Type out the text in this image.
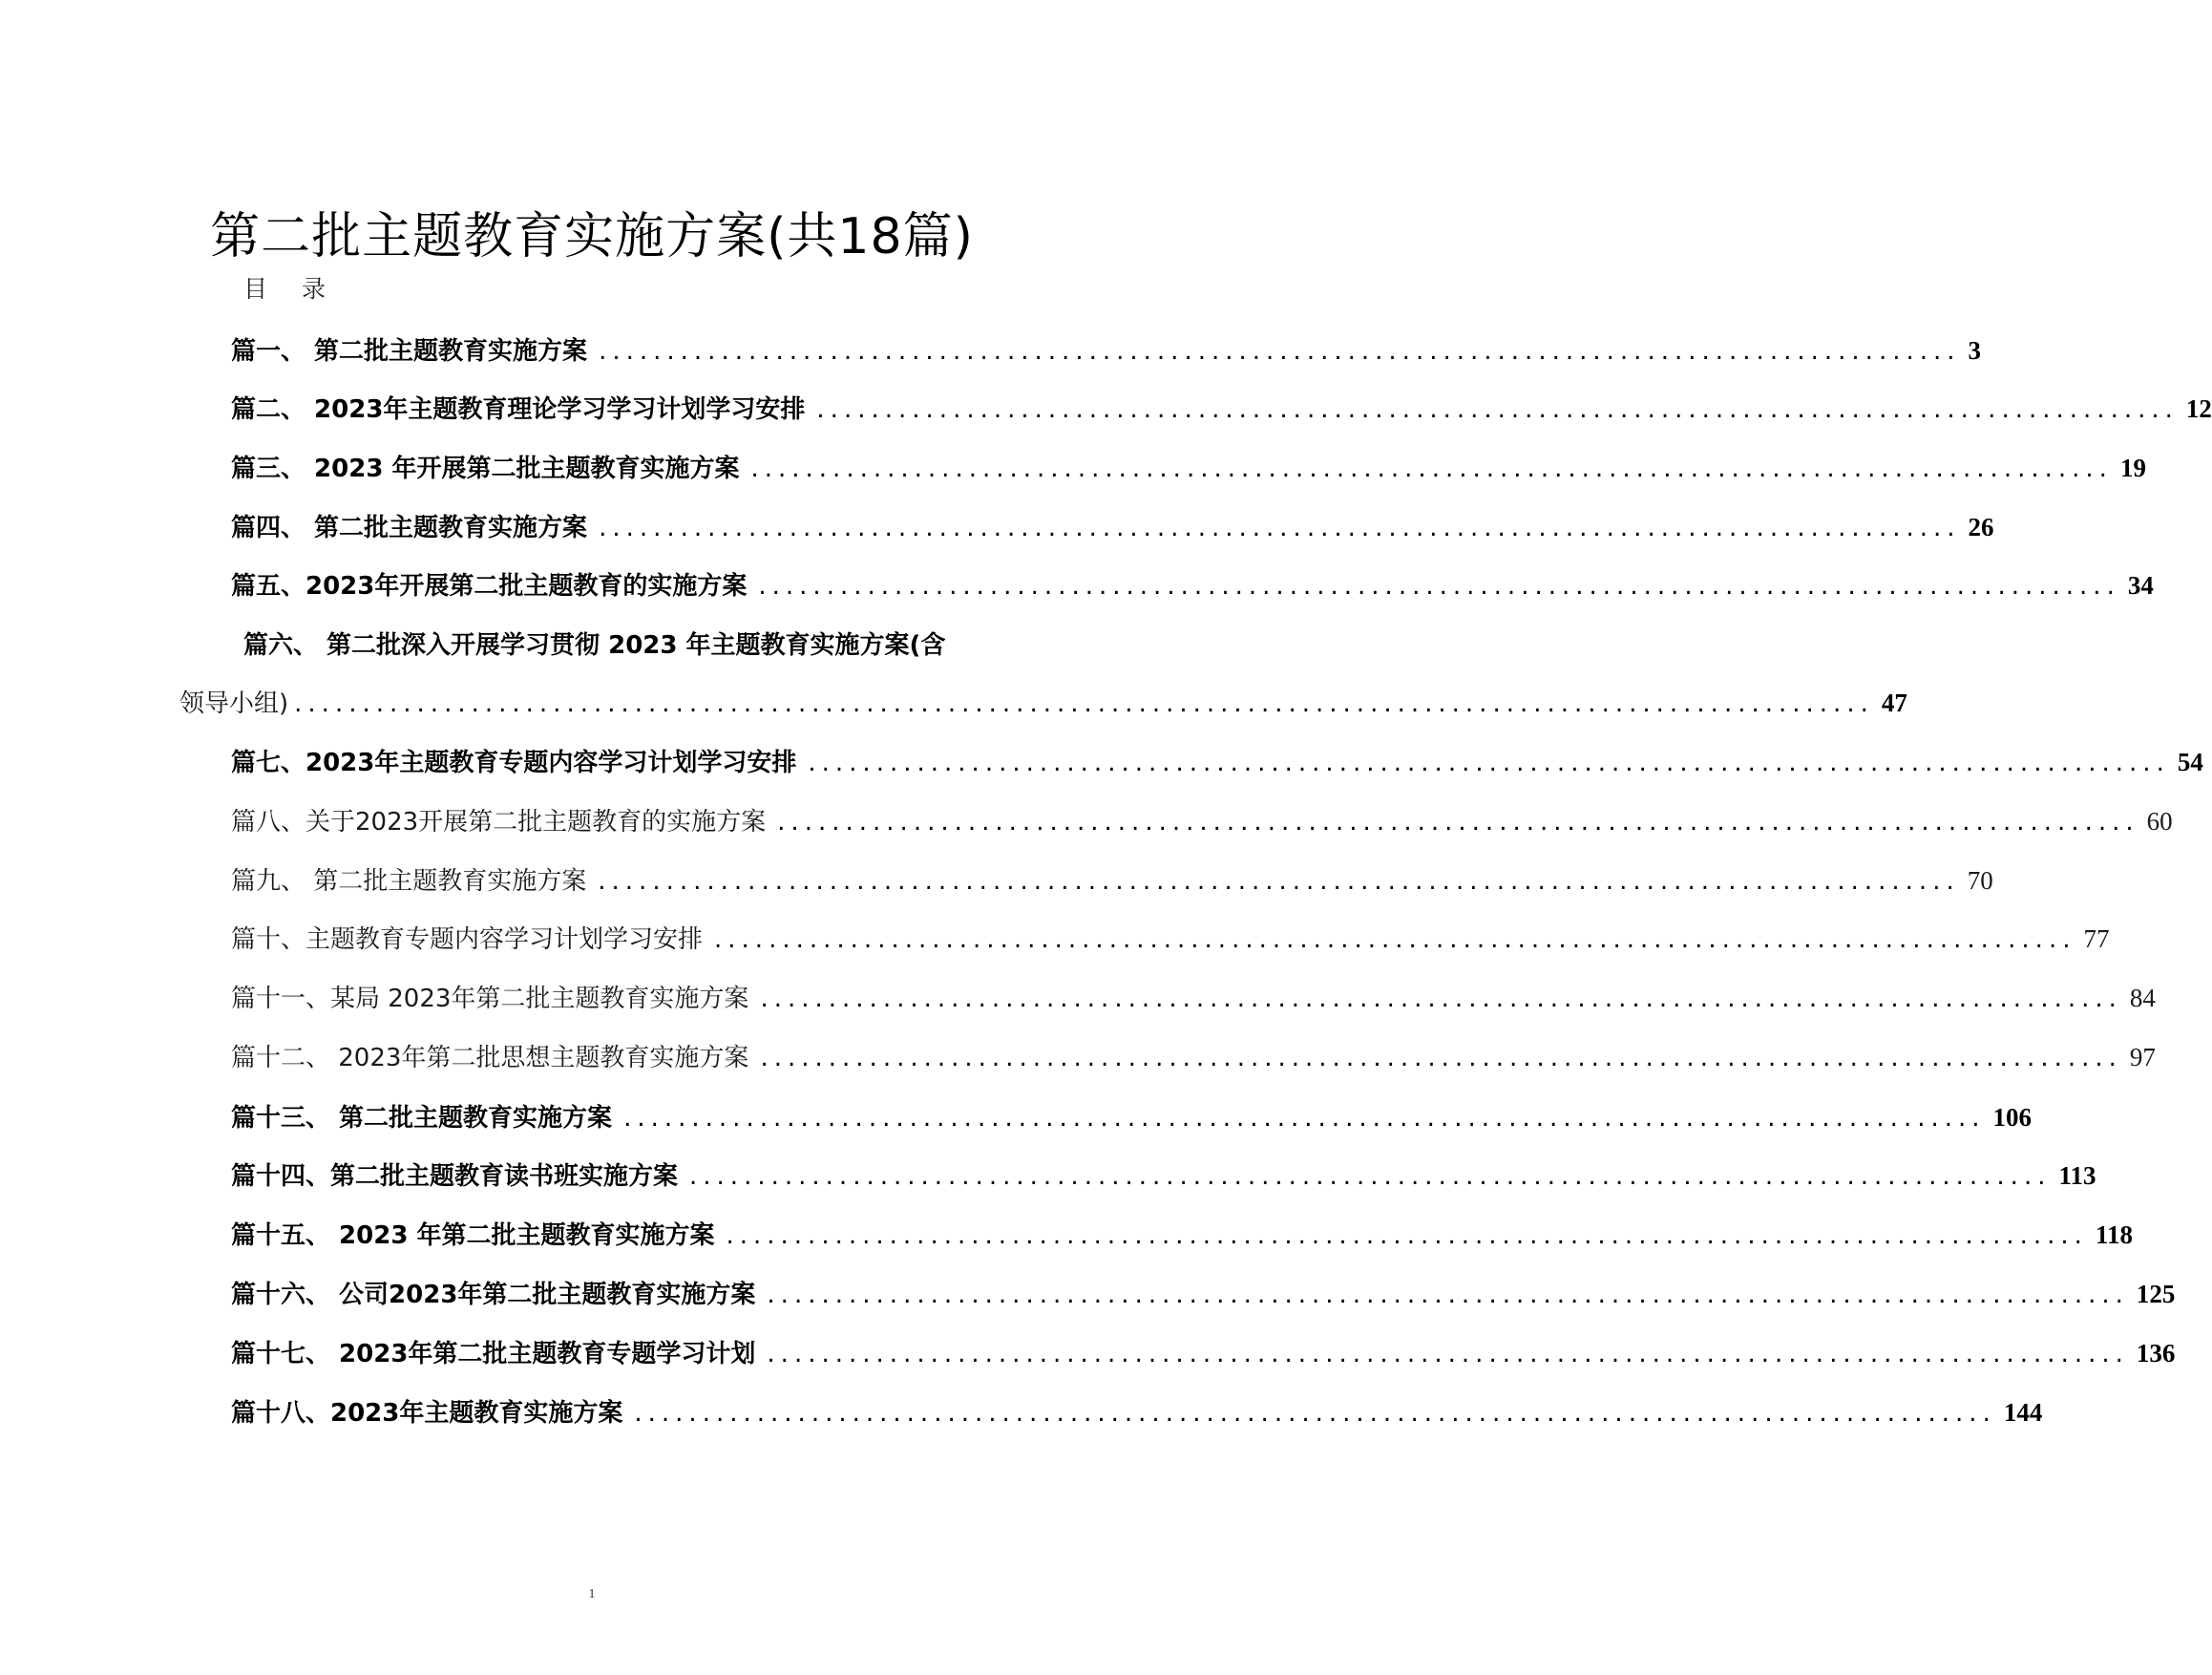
第二批主题教育实施方案(共18篇)
目录
篇一、 第二批主题教育实施方案 .................................................................................................... 3
篇二、 2023年主题教育理论学习学习计划学习安排 .................................................................................................... 12
篇三、 2023 年开展第二批主题教育实施方案 .................................................................................................... 19
篇四、 第二批主题教育实施方案 .................................................................................................... 26
篇五、2023年开展第二批主题教育的实施方案 .................................................................................................... 34
篇六、 第二批深入开展学习贯彻 2023 年主题教育实施方案(含
领导小组) .................................................................................................................... 47
篇七、2023年主题教育专题内容学习计划学习安排 .................................................................................................... 54
篇八、关于2023开展第二批主题教育的实施方案 .................................................................................................... 60
篇九、 第二批主题教育实施方案 .................................................................................................... 70
篇十、主题教育专题内容学习计划学习安排 .................................................................................................... 77
篇十一、某局 2023年第二批主题教育实施方案 .................................................................................................... 84
篇十二、 2023年第二批思想主题教育实施方案 .................................................................................................... 97
篇十三、 第二批主题教育实施方案 .................................................................................................... 106
篇十四、第二批主题教育读书班实施方案 .................................................................................................... 113
篇十五、 2023 年第二批主题教育实施方案 .................................................................................................... 118
篇十六、 公司2023年第二批主题教育实施方案 .................................................................................................... 125
篇十七、 2023年第二批主题教育专题学习计划 .................................................................................................... 136
篇十八、2023年主题教育实施方案 .................................................................................................... 144
1
